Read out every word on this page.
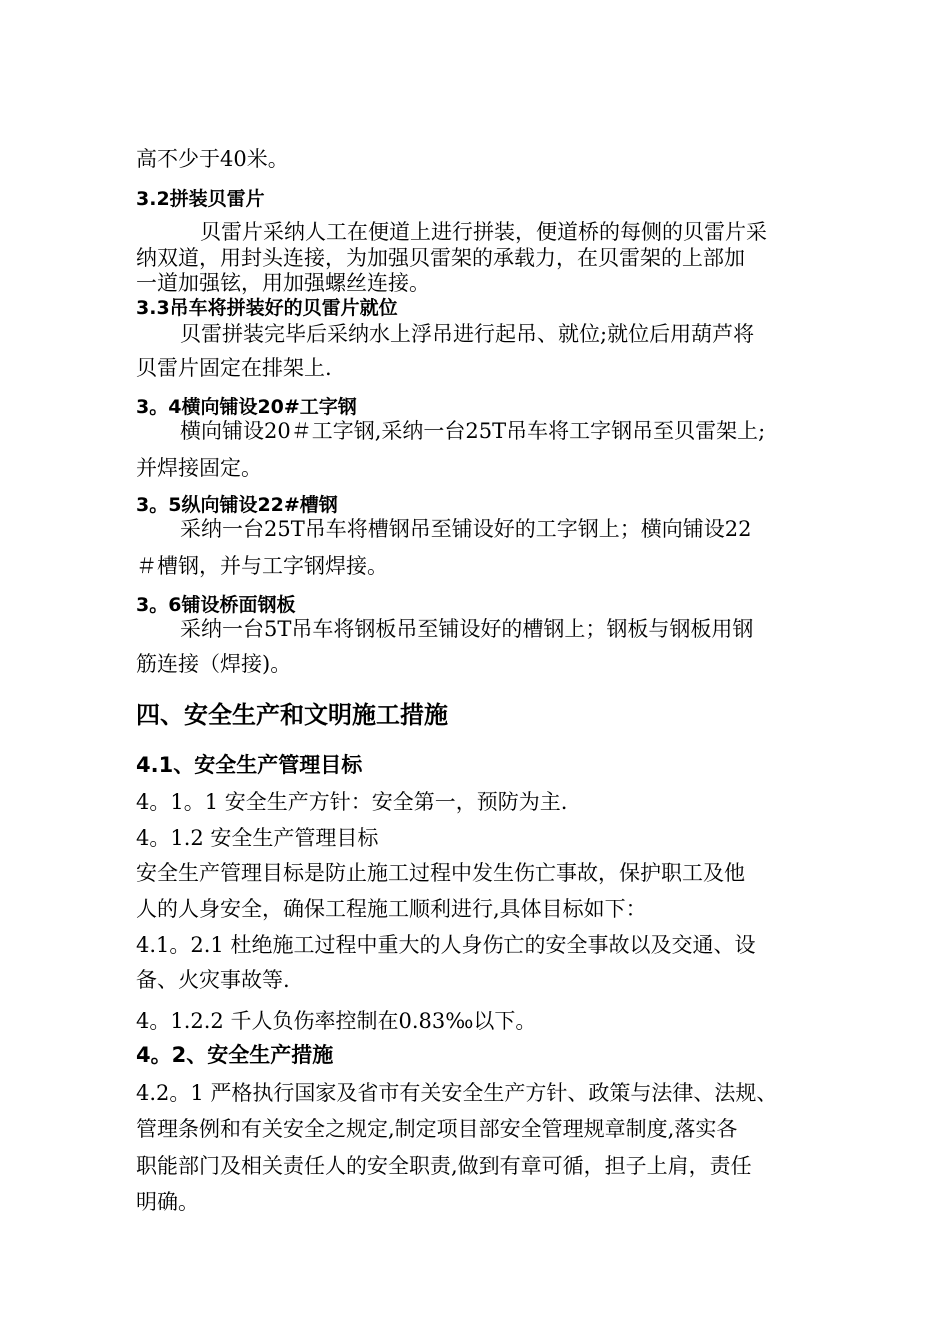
高不少于40米。
3.2拼装贝雷片
贝雷片采纳人工在便道上进行拼装，便道桥的每侧的贝雷片采
纳双道，用封头连接，为加强贝雷架的承载力，在贝雷架的上部加
一道加强铉，用加强螺丝连接。
3.3吊车将拼装好的贝雷片就位
贝雷拼装完毕后采纳水上浮吊进行起吊、就位;就位后用葫芦将
贝雷片固定在排架上.
3。4横向铺设20#工字钢
横向铺设20＃工字钢,采纳一台25T吊车将工字钢吊至贝雷架上;
并焊接固定。
3。5纵向铺设22#槽钢
采纳一台25T吊车将槽钢吊至铺设好的工字钢上；横向铺设22
＃槽钢，并与工字钢焊接。
3。6铺设桥面钢板
采纳一台5T吊车将钢板吊至铺设好的槽钢上；钢板与钢板用钢
筋连接（焊接)。
四、安全生产和文明施工措施
4.1、安全生产管理目标
4。1。1 安全生产方针：安全第一，预防为主.
4。1.2 安全生产管理目标
安全生产管理目标是防止施工过程中发生伤亡事故，保护职工及他
人的人身安全，确保工程施工顺利进行,具体目标如下：
4.1。2.1 杜绝施工过程中重大的人身伤亡的安全事故以及交通、设
备、火灾事故等.
4。1.2.2 千人负伤率控制在0.83‰以下。
4。2、安全生产措施
4.2。1 严格执行国家及省市有关安全生产方针、政策与法律、法规、
管理条例和有关安全之规定,制定项目部安全管理规章制度,落实各
职能部门及相关责任人的安全职责,做到有章可循，担子上肩，责任
明确。
